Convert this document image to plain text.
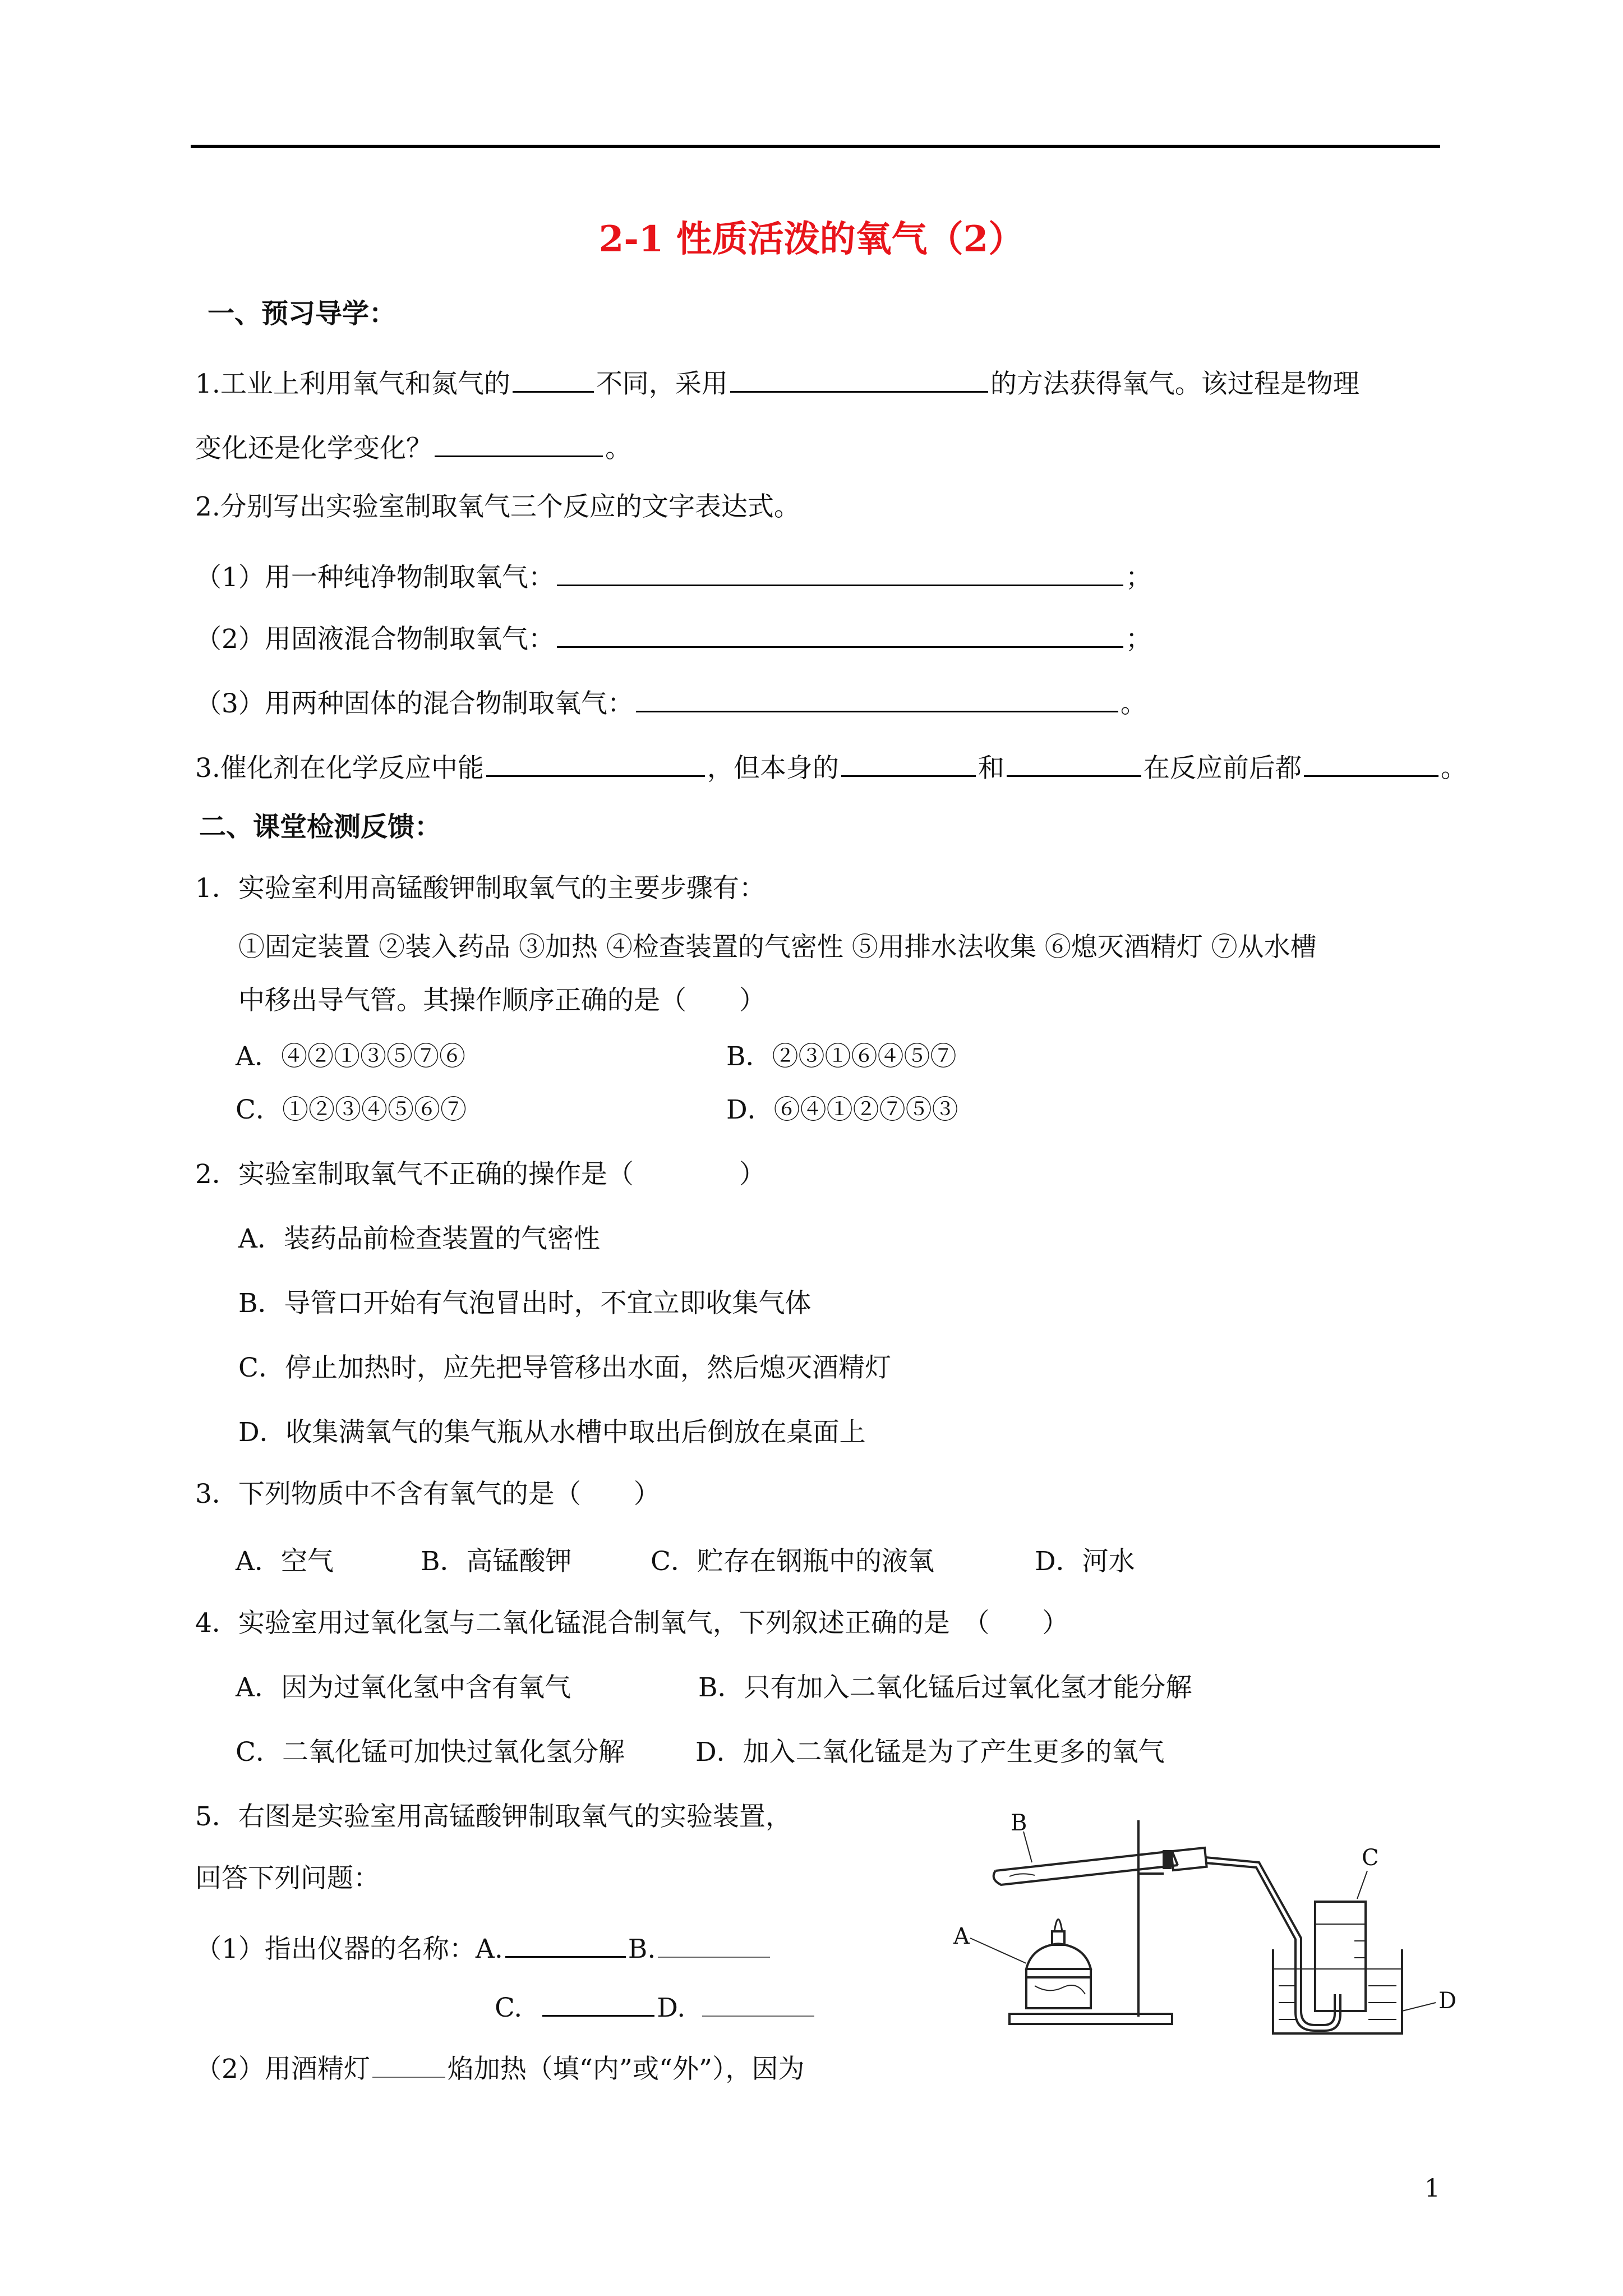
2-1 性质活泼的氧气（2）
一、预习导学：
1.工业上利用氧气和氮气的	不同，采用	的方法获得氧气。该过程是物理
变化还是化学变化？	。
2.分别写出实验室制取氧气三个反应的文字表达式。
（1）用一种纯净物制取氧气：	；
（2）用固液混合物制取氧气：	；
（3）用两种固体的混合物制取氧气：	。
3.催化剂在化学反应中能	，但本身的	和	在反应前后都	。
二、课堂检测反馈：
1．实验室利用高锰酸钾制取氧气的主要步骤有：
①固定装置 ②装入药品 ③加热 ④检查装置的气密性 ⑤用排水法收集 ⑥熄灭酒精灯 ⑦从水槽
中移出导气管。其操作顺序正确的是（　　）
A．④②①③⑤⑦⑥	B．②③①⑥④⑤⑦
C．①②③④⑤⑥⑦	D．⑥④①②⑦⑤③
2．实验室制取氧气不正确的操作是（　　　　）
A．装药品前检查装置的气密性
B．导管口开始有气泡冒出时，不宜立即收集气体
C．停止加热时，应先把导管移出水面，然后熄灭酒精灯
D．收集满氧气的集气瓶从水槽中取出后倒放在桌面上
3．下列物质中不含有氧气的是（　　）
A．空气	B．高锰酸钾	C．贮存在钢瓶中的液氧	D．河水
4．实验室用过氧化氢与二氧化锰混合制氧气，下列叙述正确的是　（　　）
A．因为过氧化氢中含有氧气	B．只有加入二氧化锰后过氧化氢才能分解
C．二氧化锰可加快过氧化氢分解	D．加入二氧化锰是为了产生更多的氧气
5．右图是实验室用高锰酸钾制取氧气的实验装置，
回答下列问题：
（1）指出仪器的名称：A.	B.
C.	D.
（2）用酒精灯	焰加热（填“内”或“外”），因为
B
A
C
D
1
